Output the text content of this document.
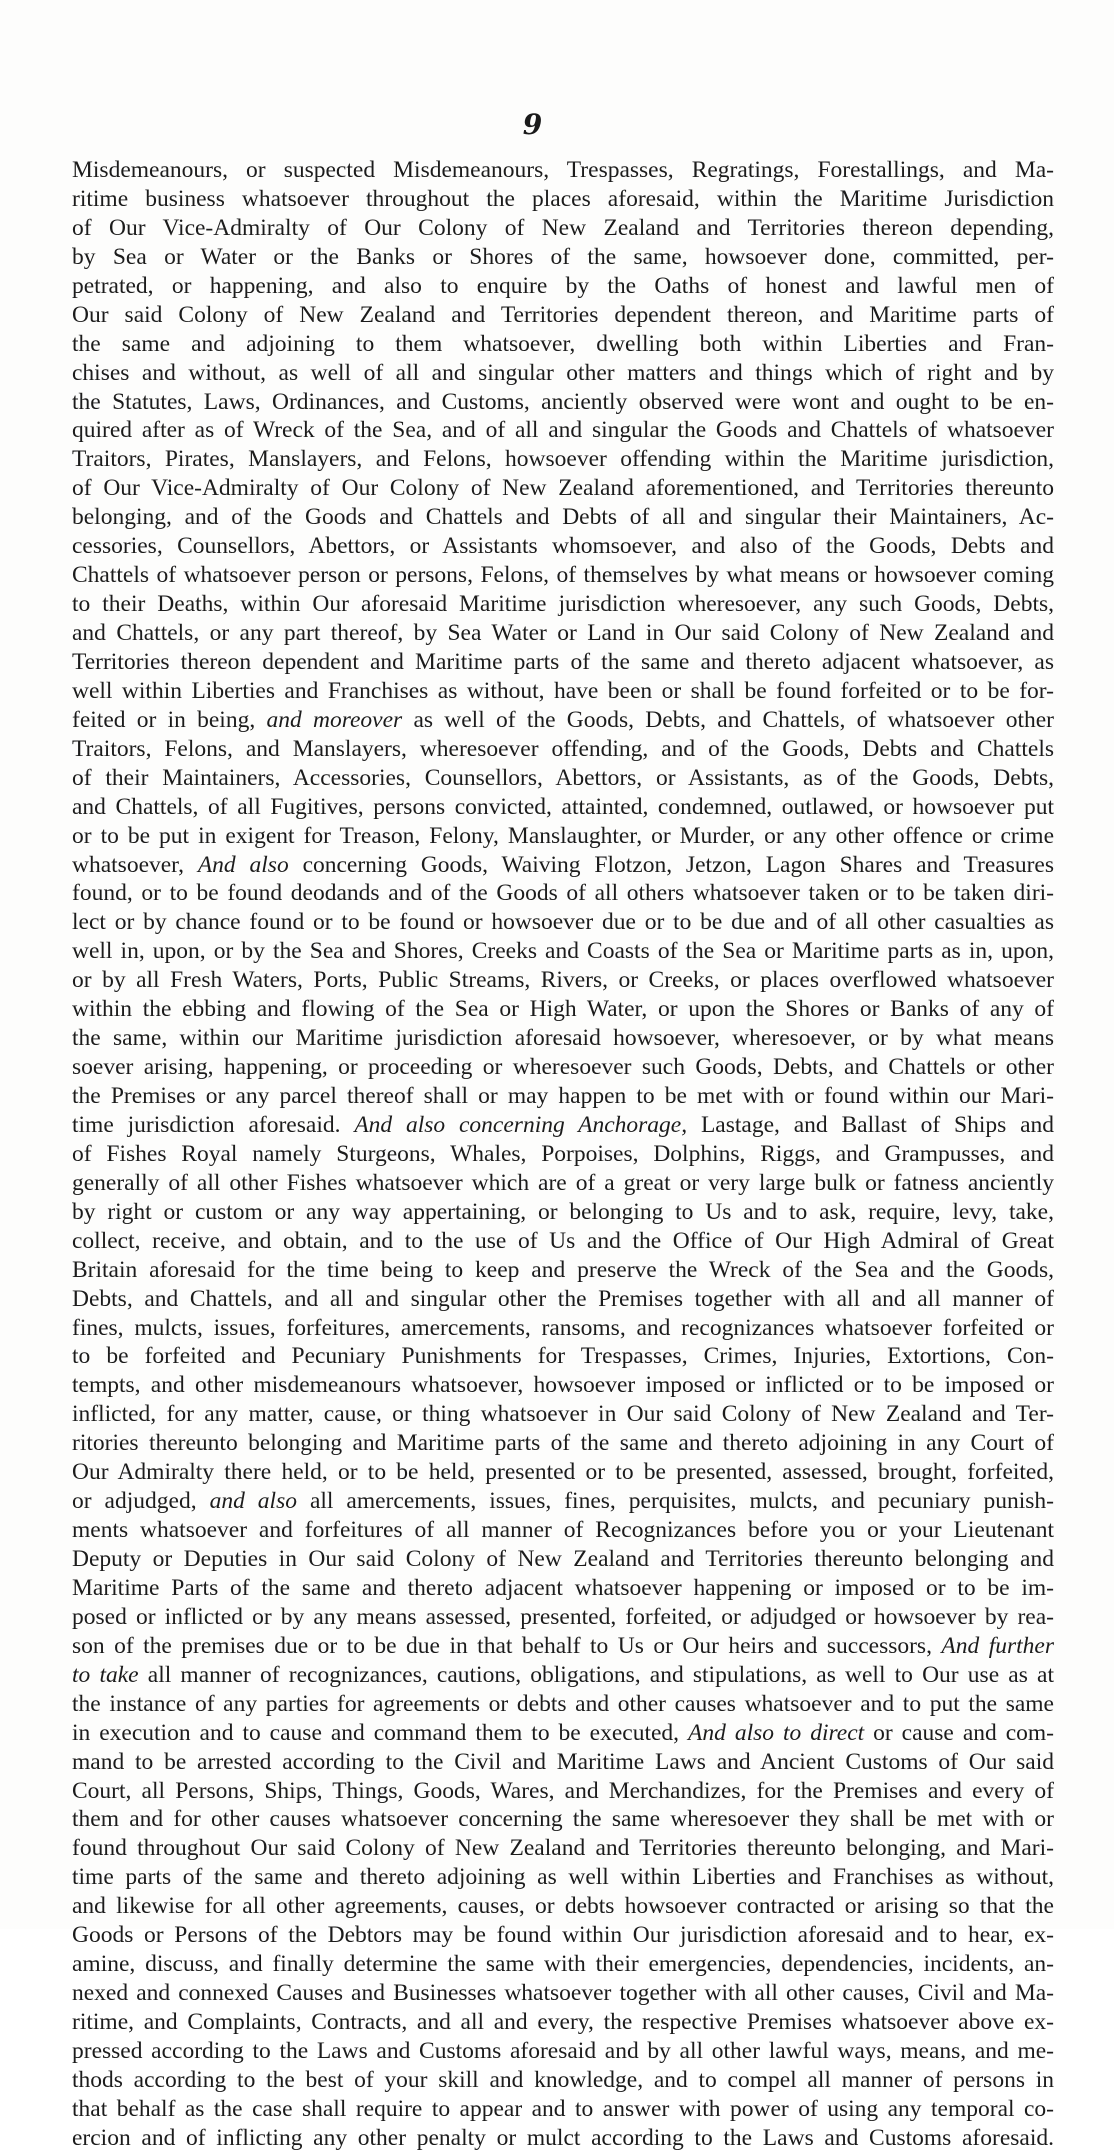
9
Misdemeanours, or suspected Misdemeanours, Trespasses, Regratings, Forestallings, and Ma-
ritime business whatsoever throughout the places aforesaid, within the Maritime Jurisdiction
of Our Vice-Admiralty of Our Colony of New Zealand and Territories thereon depending,
by Sea or Water or the Banks or Shores of the same, howsoever done, committed, per-
petrated, or happening, and also to enquire by the Oaths of honest and lawful men of
Our said Colony of New Zealand and Territories dependent thereon, and Maritime parts of
the same and adjoining to them whatsoever, dwelling both within Liberties and Fran-
chises and without, as well of all and singular other matters and things which of right and by
the Statutes, Laws, Ordinances, and Customs, anciently observed were wont and ought to be en-
quired after as of Wreck of the Sea, and of all and singular the Goods and Chattels of whatsoever
Traitors, Pirates, Manslayers, and Felons, howsoever offending within the Maritime jurisdiction,
of Our Vice-Admiralty of Our Colony of New Zealand aforementioned, and Territories thereunto
belonging, and of the Goods and Chattels and Debts of all and singular their Maintainers, Ac-
cessories, Counsellors, Abettors, or Assistants whomsoever, and also of the Goods, Debts and
Chattels of whatsoever person or persons, Felons, of themselves by what means or howsoever coming
to their Deaths, within Our aforesaid Maritime jurisdiction wheresoever, any such Goods, Debts,
and Chattels, or any part thereof, by Sea Water or Land in Our said Colony of New Zealand and
Territories thereon dependent and Maritime parts of the same and thereto adjacent whatsoever, as
well within Liberties and Franchises as without, have been or shall be found forfeited or to be for-
feited or in being, and moreover as well of the Goods, Debts, and Chattels, of whatsoever other
Traitors, Felons, and Manslayers, wheresoever offending, and of the Goods, Debts and Chattels
of their Maintainers, Accessories, Counsellors, Abettors, or Assistants, as of the Goods, Debts,
and Chattels, of all Fugitives, persons convicted, attainted, condemned, outlawed, or howsoever put
or to be put in exigent for Treason, Felony, Manslaughter, or Murder, or any other offence or crime
whatsoever, And also concerning Goods, Waiving Flotzon, Jetzon, Lagon Shares and Treasures
found, or to be found deodands and of the Goods of all others whatsoever taken or to be taken diri-
lect or by chance found or to be found or howsoever due or to be due and of all other casualties as
well in, upon, or by the Sea and Shores, Creeks and Coasts of the Sea or Maritime parts as in, upon,
or by all Fresh Waters, Ports, Public Streams, Rivers, or Creeks, or places overflowed whatsoever
within the ebbing and flowing of the Sea or High Water, or upon the Shores or Banks of any of
the same, within our Maritime jurisdiction aforesaid howsoever, wheresoever, or by what means
soever arising, happening, or proceeding or wheresoever such Goods, Debts, and Chattels or other
the Premises or any parcel thereof shall or may happen to be met with or found within our Mari-
time jurisdiction aforesaid. And also concerning Anchorage, Lastage, and Ballast of Ships and
of Fishes Royal namely Sturgeons, Whales, Porpoises, Dolphins, Riggs, and Grampusses, and
generally of all other Fishes whatsoever which are of a great or very large bulk or fatness anciently
by right or custom or any way appertaining, or belonging to Us and to ask, require, levy, take,
collect, receive, and obtain, and to the use of Us and the Office of Our High Admiral of Great
Britain aforesaid for the time being to keep and preserve the Wreck of the Sea and the Goods,
Debts, and Chattels, and all and singular other the Premises together with all and all manner of
fines, mulcts, issues, forfeitures, amercements, ransoms, and recognizances whatsoever forfeited or
to be forfeited and Pecuniary Punishments for Trespasses, Crimes, Injuries, Extortions, Con-
tempts, and other misdemeanours whatsoever, howsoever imposed or inflicted or to be imposed or
inflicted, for any matter, cause, or thing whatsoever in Our said Colony of New Zealand and Ter-
ritories thereunto belonging and Maritime parts of the same and thereto adjoining in any Court of
Our Admiralty there held, or to be held, presented or to be presented, assessed, brought, forfeited,
or adjudged, and also all amercements, issues, fines, perquisites, mulcts, and pecuniary punish-
ments whatsoever and forfeitures of all manner of Recognizances before you or your Lieutenant
Deputy or Deputies in Our said Colony of New Zealand and Territories thereunto belonging and
Maritime Parts of the same and thereto adjacent whatsoever happening or imposed or to be im-
posed or inflicted or by any means assessed, presented, forfeited, or adjudged or howsoever by rea-
son of the premises due or to be due in that behalf to Us or Our heirs and successors, And further
to take all manner of recognizances, cautions, obligations, and stipulations, as well to Our use as at
the instance of any parties for agreements or debts and other causes whatsoever and to put the same
in execution and to cause and command them to be executed, And also to direct or cause and com-
mand to be arrested according to the Civil and Maritime Laws and Ancient Customs of Our said
Court, all Persons, Ships, Things, Goods, Wares, and Merchandizes, for the Premises and every of
them and for other causes whatsoever concerning the same wheresoever they shall be met with or
found throughout Our said Colony of New Zealand and Territories thereunto belonging, and Mari-
time parts of the same and thereto adjoining as well within Liberties and Franchises as without,
and likewise for all other agreements, causes, or debts howsoever contracted or arising so that the
Goods or Persons of the Debtors may be found within Our jurisdiction aforesaid and to hear, ex-
amine, discuss, and finally determine the same with their emergencies, dependencies, incidents, an-
nexed and connexed Causes and Businesses whatsoever together with all other causes, Civil and Ma-
ritime, and Complaints, Contracts, and all and every, the respective Premises whatsoever above ex-
pressed according to the Laws and Customs aforesaid and by all other lawful ways, means, and me-
thods according to the best of your skill and knowledge, and to compel all manner of persons in
that behalf as the case shall require to appear and to answer with power of using any temporal co-
ercion and of inflicting any other penalty or mulct according to the Laws and Customs aforesaid.
